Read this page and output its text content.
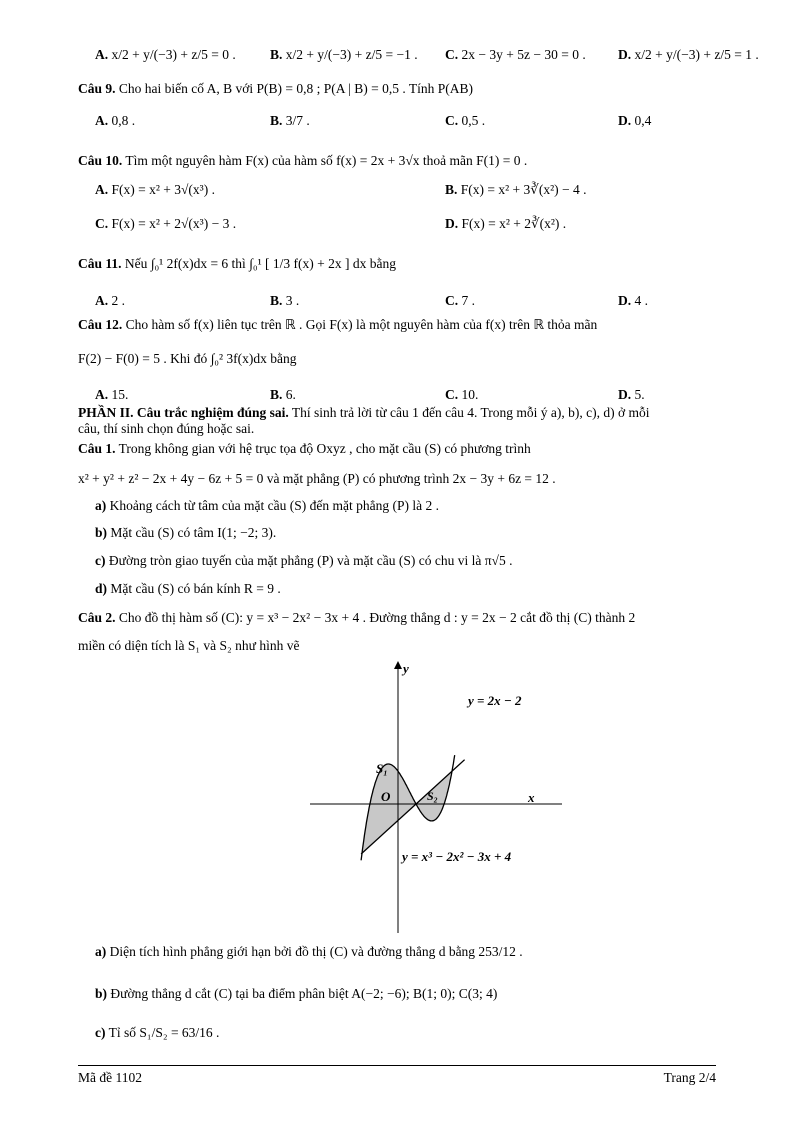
A. x/2 + y/(−3) + z/5 = 0 .	B. x/2 + y/(−3) + z/5 = −1 . C. 2x − 3y + 5z − 30 = 0 . D. x/2 + y/(−3) + z/5 = 1 .
Câu 9. Cho hai biến cố A, B với P(B) = 0,8 ; P(A | B) = 0,5 . Tính P(AB)
A. 0,8 .	B. 3/7 .	C. 0,5 .	D. 0,4
Câu 10. Tìm một nguyên hàm F(x) của hàm số f(x) = 2x + 3√x thoả mãn F(1) = 0 .
A. F(x) = x² + 3√(x³) .	B. F(x) = x² + 3∛(x²) − 4 .
C. F(x) = x² + 2√(x³) − 3 .	D. F(x) = x² + 2∛(x²) .
Câu 11. Nếu ∫₀¹ 2f(x)dx = 6 thì ∫₀¹ [ 1/3 f(x) + 2x ] dx bằng
A. 2 .	B. 3 .	C. 7 .	D. 4 .
Câu 12. Cho hàm số f(x) liên tục trên ℝ . Gọi F(x) là một nguyên hàm của f(x) trên ℝ thỏa mãn
F(2) − F(0) = 5 . Khi đó ∫₀² 3f(x)dx bằng
A. 15.	B. 6.	C. 10.	D. 5.
PHẦN II. Câu trắc nghiệm đúng sai. Thí sinh trả lời từ câu 1 đến câu 4. Trong mỗi ý a), b), c), d) ở mỗi
câu, thí sinh chọn đúng hoặc sai.
Câu 1. Trong không gian với hệ trục tọa độ Oxyz , cho mặt cầu (S) có phương trình
x² + y² + z² − 2x + 4y − 6z + 5 = 0 và mặt phẳng (P) có phương trình 2x − 3y + 6z = 12 .
a) Khoảng cách từ tâm của mặt cầu (S) đến mặt phẳng (P) là 2 .
b) Mặt cầu (S) có tâm I(1; −2; 3).
c) Đường tròn giao tuyến của mặt phẳng (P) và mặt cầu (S) có chu vi là π√5 .
d) Mặt cầu (S) có bán kính R = 9 .
Câu 2. Cho đồ thị hàm số (C): y = x³ − 2x² − 3x + 4 . Đường thẳng d : y = 2x − 2 cắt đồ thị (C) thành 2
miền có diện tích là S₁ và S₂ như hình vẽ
y
x
O
S₁
S₂
y = 2x − 2
y = x³ − 2x² − 3x + 4
a) Diện tích hình phẳng giới hạn bởi đồ thị (C) và đường thẳng d bằng 253/12 .
b) Đường thẳng d cắt (C) tại ba điểm phân biệt A(−2; −6); B(1; 0); C(3; 4)
c) Tỉ số S₁/S₂ = 63/16 .
Mã đề 1102	Trang 2/4
